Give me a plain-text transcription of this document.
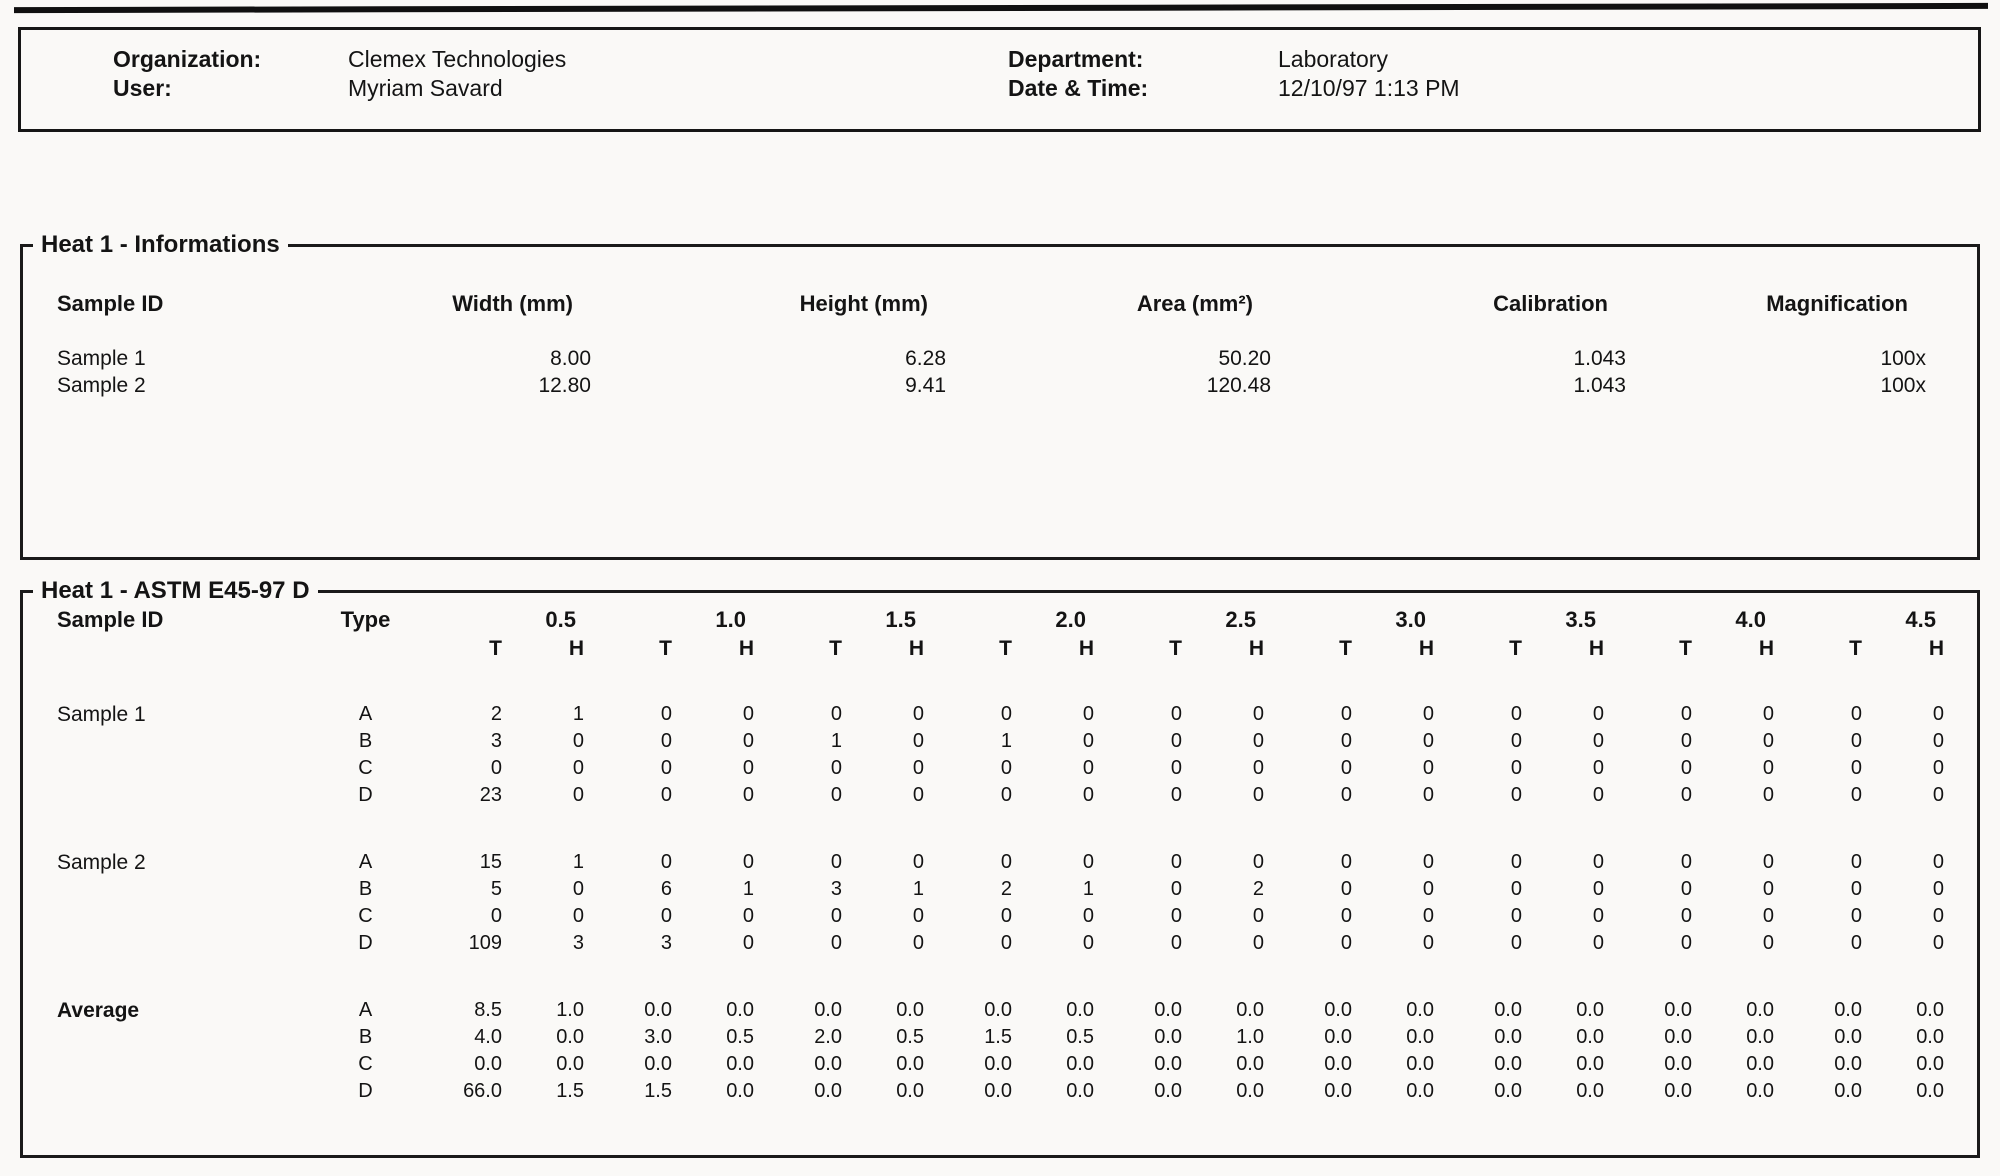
Organization:	Clemex Technologies
User:	Myriam Savard
Department:	Laboratory
Date & Time:	12/10/97 1:13 PM
Heat 1 - Informations
Sample ID	Width (mm)	Height (mm)	Area (mm²)	Calibration	Magnification
Sample 1	8.00	6.28	50.20	1.043	100x
Sample 2	12.80	9.41	120.48	1.043	100x
Heat 1 - ASTM E45-97 D
Sample ID	Type	0.5		1.0		1.5		2.0		2.5		3.0		3.5		4.0		4.5	
		T	H	T	H	T	H	T	H	T	H	T	H	T	H	T	H	T	H
Sample 1	A	2	1	0	0	0	0	0	0	0	0	0	0	0	0	0	0	0	0
	B	3	0	0	0	1	0	1	0	0	0	0	0	0	0	0	0	0	0
	C	0	0	0	0	0	0	0	0	0	0	0	0	0	0	0	0	0	0
	D	23	0	0	0	0	0	0	0	0	0	0	0	0	0	0	0	0	0
Sample 2	A	15	1	0	0	0	0	0	0	0	0	0	0	0	0	0	0	0	0
	B	5	0	6	1	3	1	2	1	0	2	0	0	0	0	0	0	0	0
	C	0	0	0	0	0	0	0	0	0	0	0	0	0	0	0	0	0	0
	D	109	3	3	0	0	0	0	0	0	0	0	0	0	0	0	0	0	0
Average	A	8.5	1.0	0.0	0.0	0.0	0.0	0.0	0.0	0.0	0.0	0.0	0.0	0.0	0.0	0.0	0.0	0.0	0.0
	B	4.0	0.0	3.0	0.5	2.0	0.5	1.5	0.5	0.0	1.0	0.0	0.0	0.0	0.0	0.0	0.0	0.0	0.0
	C	0.0	0.0	0.0	0.0	0.0	0.0	0.0	0.0	0.0	0.0	0.0	0.0	0.0	0.0	0.0	0.0	0.0	0.0
	D	66.0	1.5	1.5	0.0	0.0	0.0	0.0	0.0	0.0	0.0	0.0	0.0	0.0	0.0	0.0	0.0	0.0	0.0
